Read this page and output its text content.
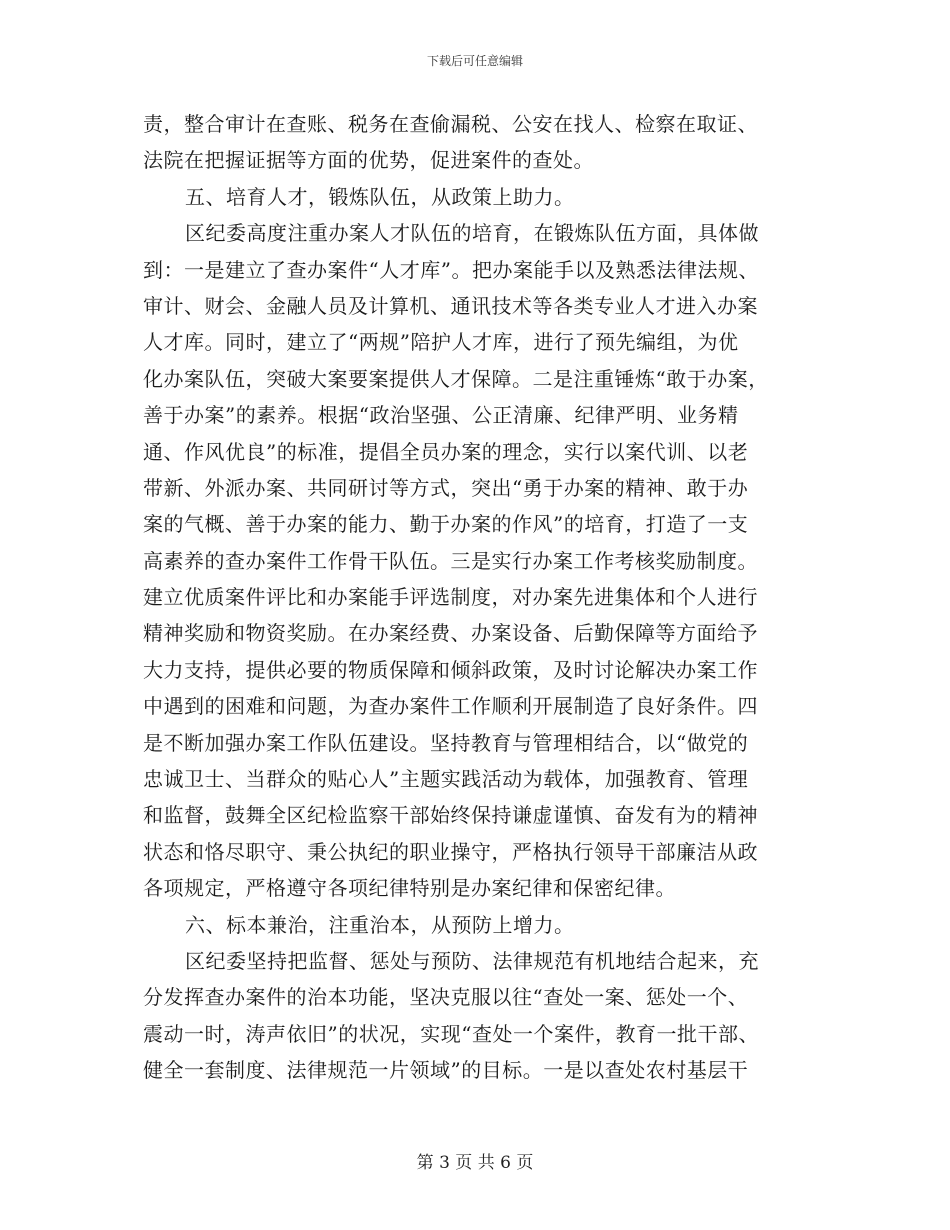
下载后可任意编辑
责，整合审计在查账、税务在查偷漏税、公安在找人、检察在取证、
法院在把握证据等方面的优势，促进案件的查处。
五、培育人才，锻炼队伍，从政策上助力。
区纪委高度注重办案人才队伍的培育，在锻炼队伍方面，具体做
到：一是建立了查办案件“人才库”。把办案能手以及熟悉法律法规、
审计、财会、金融人员及计算机、通讯技术等各类专业人才进入办案
人才库。同时，建立了“两规”陪护人才库，进行了预先编组，为优
化办案队伍，突破大案要案提供人才保障。二是注重锤炼“敢于办案，
善于办案”的素养。根据“政治坚强、公正清廉、纪律严明、业务精
通、作风优良”的标准，提倡全员办案的理念，实行以案代训、以老
带新、外派办案、共同研讨等方式，突出“勇于办案的精神、敢于办
案的气概、善于办案的能力、勤于办案的作风”的培育，打造了一支
高素养的查办案件工作骨干队伍。三是实行办案工作考核奖励制度。
建立优质案件评比和办案能手评选制度，对办案先进集体和个人进行
精神奖励和物资奖励。在办案经费、办案设备、后勤保障等方面给予
大力支持，提供必要的物质保障和倾斜政策，及时讨论解决办案工作
中遇到的困难和问题，为查办案件工作顺利开展制造了良好条件。四
是不断加强办案工作队伍建设。坚持教育与管理相结合，以“做党的
忠诚卫士、当群众的贴心人”主题实践活动为载体，加强教育、管理
和监督，鼓舞全区纪检监察干部始终保持谦虚谨慎、奋发有为的精神
状态和恪尽职守、秉公执纪的职业操守，严格执行领导干部廉洁从政
各项规定，严格遵守各项纪律特别是办案纪律和保密纪律。
六、标本兼治，注重治本，从预防上增力。
区纪委坚持把监督、惩处与预防、法律规范有机地结合起来，充
分发挥查办案件的治本功能，坚决克服以往“查处一案、惩处一个、
震动一时，涛声依旧”的状况，实现“查处一个案件，教育一批干部、
健全一套制度、法律规范一片领域”的目标。一是以查处农村基层干
第 3 页 共 6 页
